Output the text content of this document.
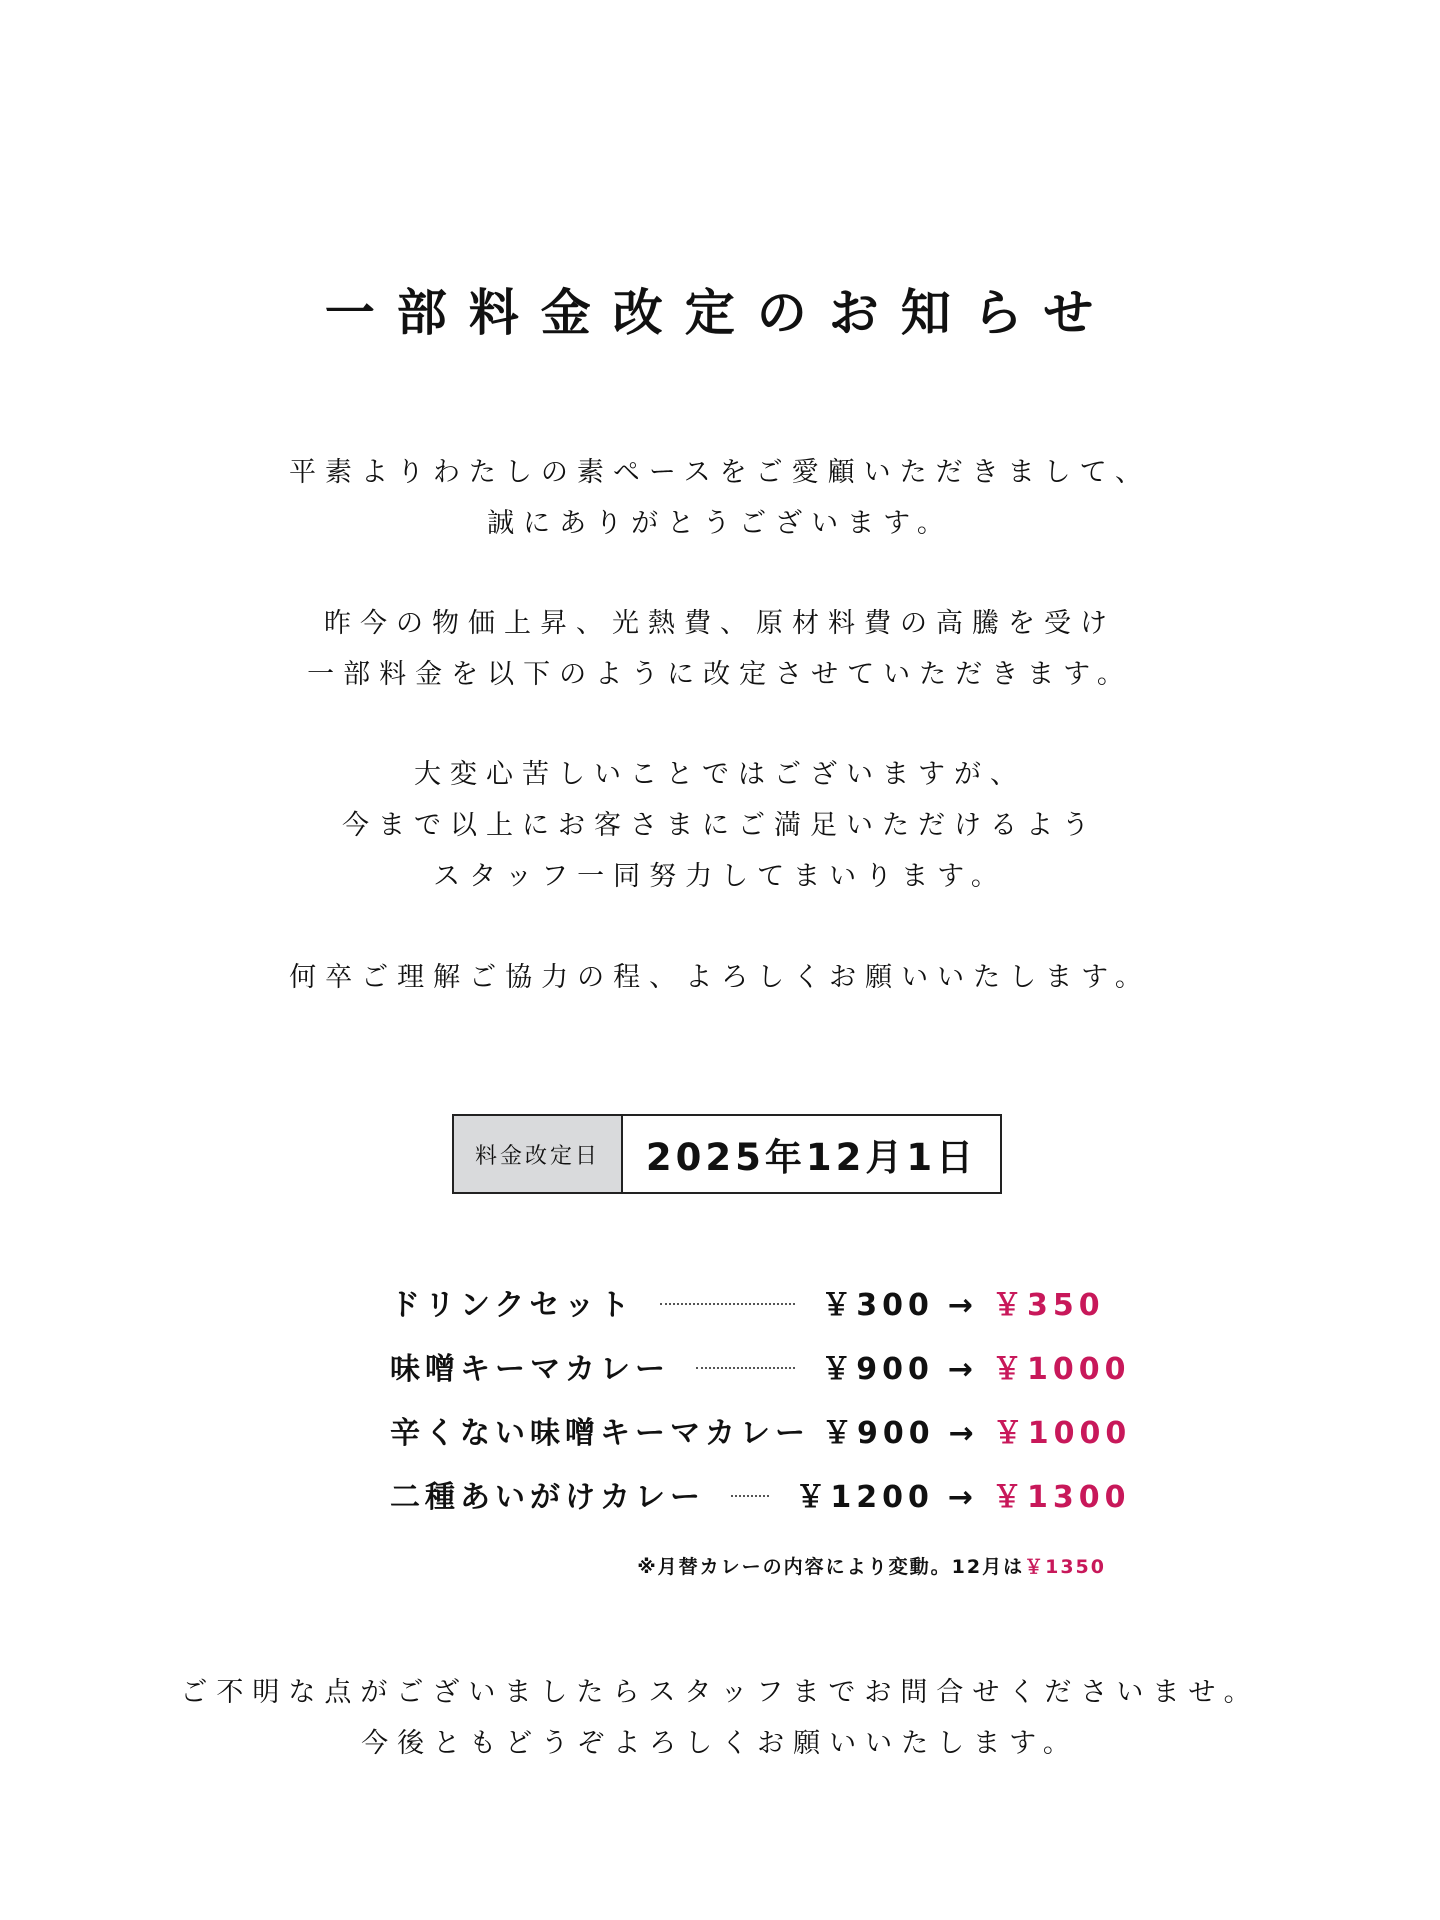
一部料金改定のお知らせ

平素よりわたしの素ペースをご愛顧いただきまして、
誠にありがとうございます。

昨今の物価上昇、光熱費、原材料費の高騰を受け
一部料金を以下のように改定させていただきます。

大変心苦しいことではございますが、
今まで以上にお客さまにご満足いただけるよう
スタッフ一同努力してまいります。

何卒ご理解ご協力の程、よろしくお願いいたします。

料金改定日	2025年12月1日
ドリンクセット	￥300 → ￥350
味噌キーマカレー	￥900 → ￥1000
辛くない味噌キーマカレー ￥900 → ￥1000
二種あいがけカレー	￥1200 → ￥1300
※月替カレーの内容により変動。12月は￥1350

ご不明な点がございましたらスタッフまでお問合せくださいませ。
今後ともどうぞよろしくお願いいたします。
